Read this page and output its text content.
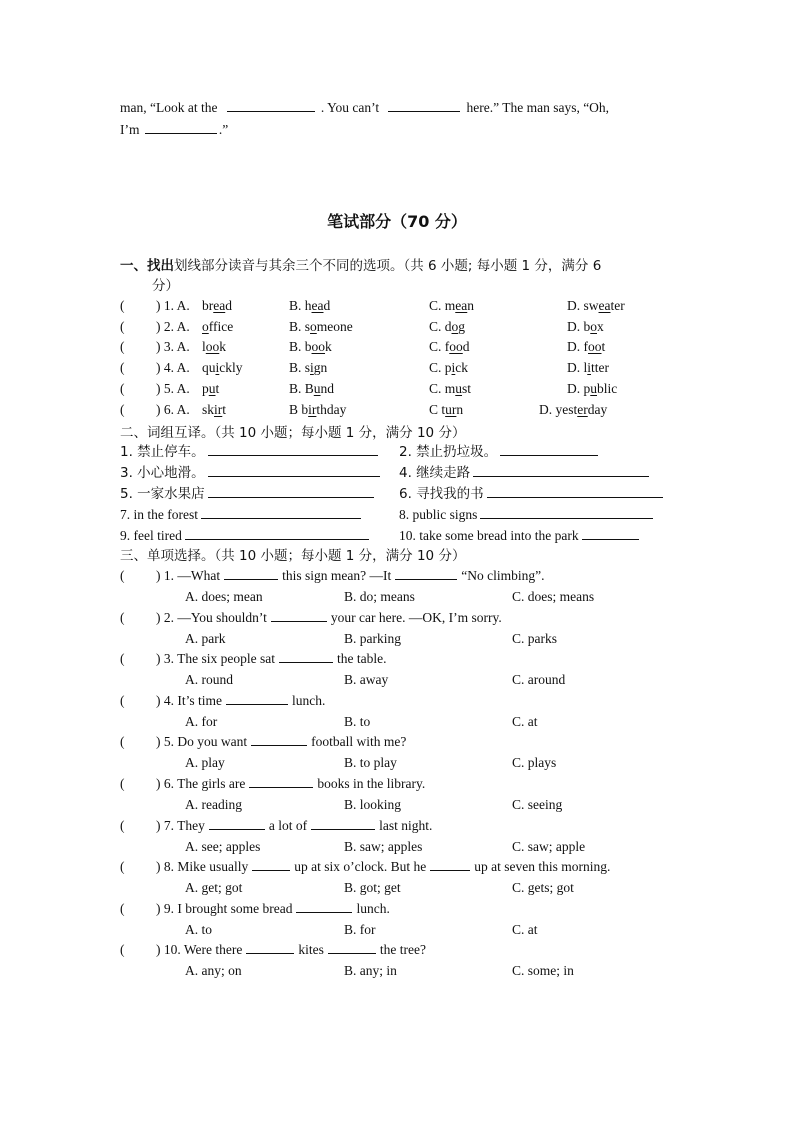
man, “Look at the	. You can’t	here.” The man says, “Oh,
I’m	.”
笔试部分（70 分）
一、找出划线部分读音与其余三个不同的选项。（共 6 小题; 每小题 1 分，满分 6
分）
( ) 1. A. bread	B. head	C. mean	D. sweater
( ) 2. A. office	B. someone	C. dog	D. box
( ) 3. A. look	B. book	C. food	D. foot
( ) 4. A. quickly	B. sign	C. pick	D. litter
( ) 5. A. put	B. Bund	C. must	D. public
( ) 6. A. skirt	B birthday	C turn	D. yesterday
二、词组互译。（共 10 小题；每小题 1 分，满分 10 分）
1. 禁止停车。	2. 禁止扔垃圾。
3. 小心地滑。	4. 继续走路
5. 一家水果店	6. 寻找我的书
7. in the forest	8. public signs
9. feel tired	10. take some bread into the park
三、单项选择。（共 10 小题；每小题 1 分，满分 10 分）
( ) 1. —What	this sign mean? —It	“No climbing”.
A. does; mean	B. do; means	C. does; means
( ) 2. —You shouldn’t	your car here. —OK, I’m sorry.
A. park	B. parking	C. parks
( ) 3. The six people sat	the table.
A. round	B. away	C. around
( ) 4. It’s time	lunch.
A. for	B. to	C. at
( ) 5. Do you want	football with me?
A. play	B. to play	C. plays
( ) 6. The girls are	books in the library.
A. reading	B. looking	C. seeing
( ) 7. They	a lot of	last night.
A. see; apples	B. saw; apples	C. saw; apple
( ) 8. Mike usually	up at six o’clock. But he	up at seven this morning.
A. get; got	B. got; get	C. gets; got
( ) 9. I brought some bread	lunch.
A. to	B. for	C. at
( ) 10. Were there	kites	the tree?
A. any; on	B. any; in	C. some; in
